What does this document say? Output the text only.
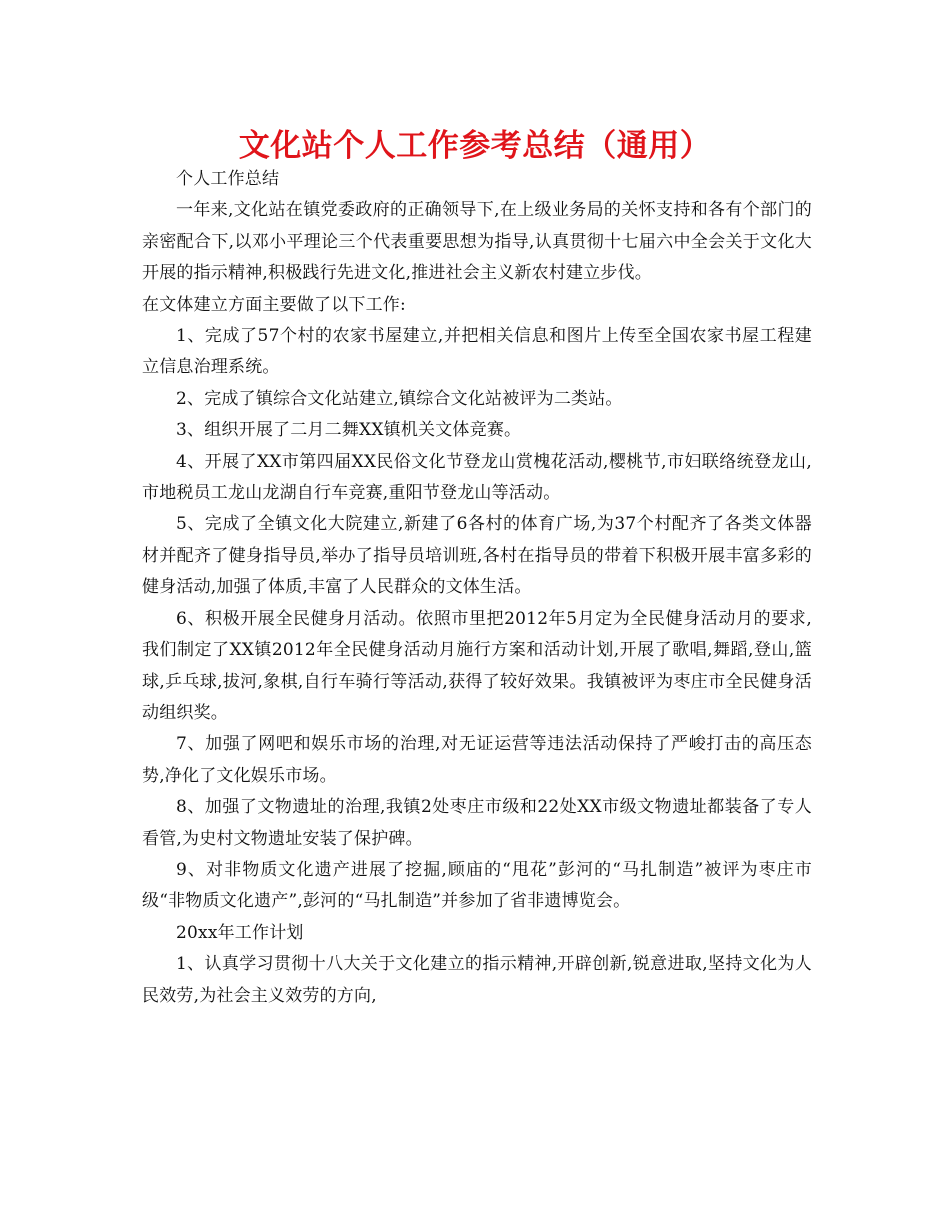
文化站个人工作参考总结（通用）

个人工作总结

一年来,文化站在镇党委政府的正确领导下,在上级业务局的关怀支持和各有个部门的亲密配合下,以邓小平理论三个代表重要思想为指导,认真贯彻十七届六中全会关于文化大开展的指示精神,积极践行先进文化,推进社会主义新农村建立步伐。

在文体建立方面主要做了以下工作:

1、完成了57个村的农家书屋建立,并把相关信息和图片上传至全国农家书屋工程建立信息治理系统。

2、完成了镇综合文化站建立,镇综合文化站被评为二类站。

3、组织开展了二月二舞XX镇机关文体竞赛。

4、开展了XX市第四届XX民俗文化节登龙山赏槐花活动,樱桃节,市妇联络统登龙山,市地税员工龙山龙湖自行车竞赛,重阳节登龙山等活动。

5、完成了全镇文化大院建立,新建了6各村的体育广场,为37个村配齐了各类文体器材并配齐了健身指导员,举办了指导员培训班,各村在指导员的带着下积极开展丰富多彩的健身活动,加强了体质,丰富了人民群众的文体生活。

6、积极开展全民健身月活动。依照市里把2012年5月定为全民健身活动月的要求,我们制定了XX镇2012年全民健身活动月施行方案和活动计划,开展了歌唱,舞蹈,登山,篮球,乒乓球,拔河,象棋,自行车骑行等活动,获得了较好效果。我镇被评为枣庄市全民健身活动组织奖。

7、加强了网吧和娱乐市场的治理,对无证运营等违法活动保持了严峻打击的高压态势,净化了文化娱乐市场。

8、加强了文物遗址的治理,我镇2处枣庄市级和22处XX市级文物遗址都装备了专人看管,为史村文物遗址安装了保护碑。

9、对非物质文化遗产进展了挖掘,顾庙的“甩花”彭河的“马扎制造”被评为枣庄市级“非物质文化遗产”,彭河的“马扎制造”并参加了省非遗博览会。

20xx年工作计划

1、认真学习贯彻十八大关于文化建立的指示精神,开辟创新,锐意进取,坚持文化为人民效劳,为社会主义效劳的方向,
